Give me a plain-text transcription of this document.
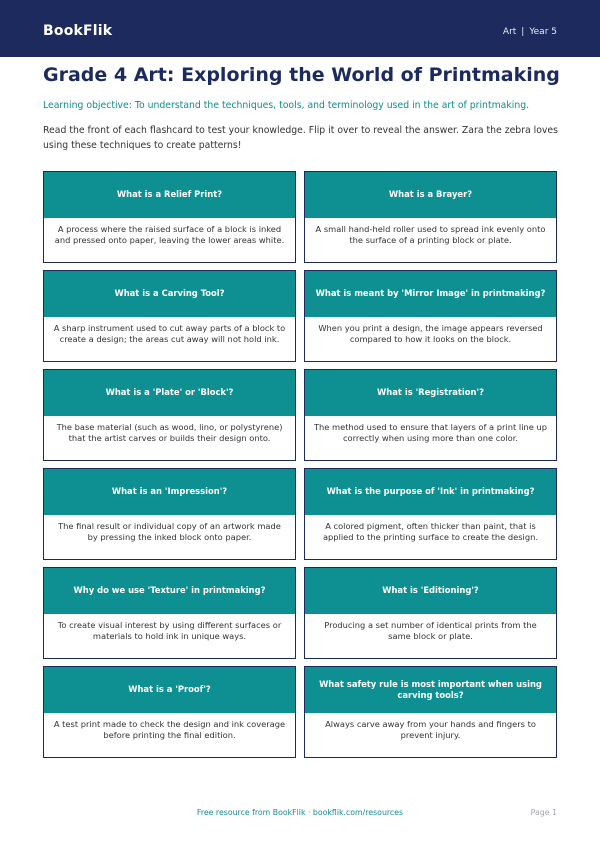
BookFlik	Art | Year 5
Grade 4 Art: Exploring the World of Printmaking

Learning objective: To understand the techniques, tools, and terminology used in the art of printmaking.

Read the front of each flashcard to test your knowledge. Flip it over to reveal the answer. Zara the zebra loves using these techniques to create patterns!

What is a Relief Print?
A process where the raised surface of a block is inked and pressed onto paper, leaving the lower areas white.
What is a Brayer?
A small hand-held roller used to spread ink evenly onto the surface of a printing block or plate.
What is a Carving Tool?
A sharp instrument used to cut away parts of a block to create a design; the areas cut away will not hold ink.
What is meant by 'Mirror Image' in printmaking?
When you print a design, the image appears reversed compared to how it looks on the block.
What is a 'Plate' or 'Block'?
The base material (such as wood, lino, or polystyrene) that the artist carves or builds their design onto.
What is 'Registration'?
The method used to ensure that layers of a print line up correctly when using more than one color.
What is an 'Impression'?
The final result or individual copy of an artwork made by pressing the inked block onto paper.
What is the purpose of 'Ink' in printmaking?
A colored pigment, often thicker than paint, that is applied to the printing surface to create the design.
Why do we use 'Texture' in printmaking?
To create visual interest by using different surfaces or materials to hold ink in unique ways.
What is 'Editioning'?
Producing a set number of identical prints from the same block or plate.
What is a 'Proof'?
A test print made to check the design and ink coverage before printing the final edition.
What safety rule is most important when using carving tools?
Always carve away from your hands and fingers to prevent injury.
Free resource from BookFlik · bookflik.com/resources	Page 1
